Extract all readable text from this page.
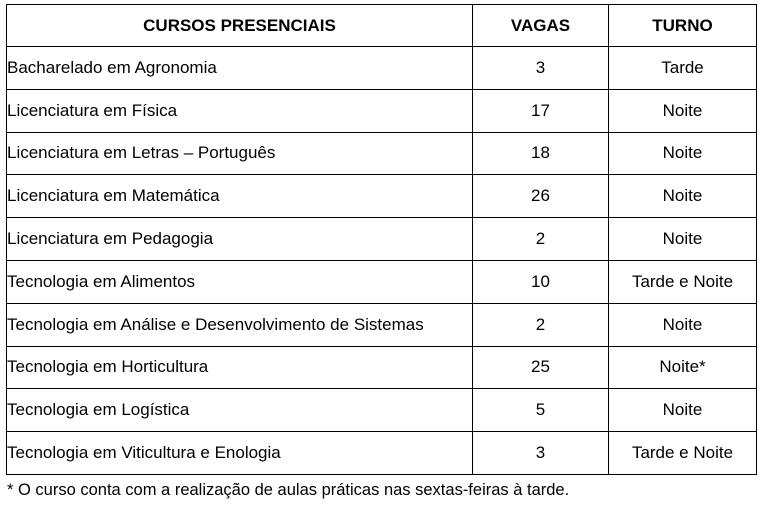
CURSOS PRESENCIAIS	VAGAS	TURNO
Bacharelado em Agronomia	3	Tarde
Licenciatura em Física	17	Noite
Licenciatura em Letras – Português	18	Noite
Licenciatura em Matemática	26	Noite
Licenciatura em Pedagogia	2	Noite
Tecnologia em Alimentos	10	Tarde e Noite
Tecnologia em Análise e Desenvolvimento de Sistemas	2	Noite
Tecnologia em Horticultura	25	Noite*
Tecnologia em Logística	5	Noite
Tecnologia em Viticultura e Enologia	3	Tarde e Noite
* O curso conta com a realização de aulas práticas nas sextas-feiras à tarde.
